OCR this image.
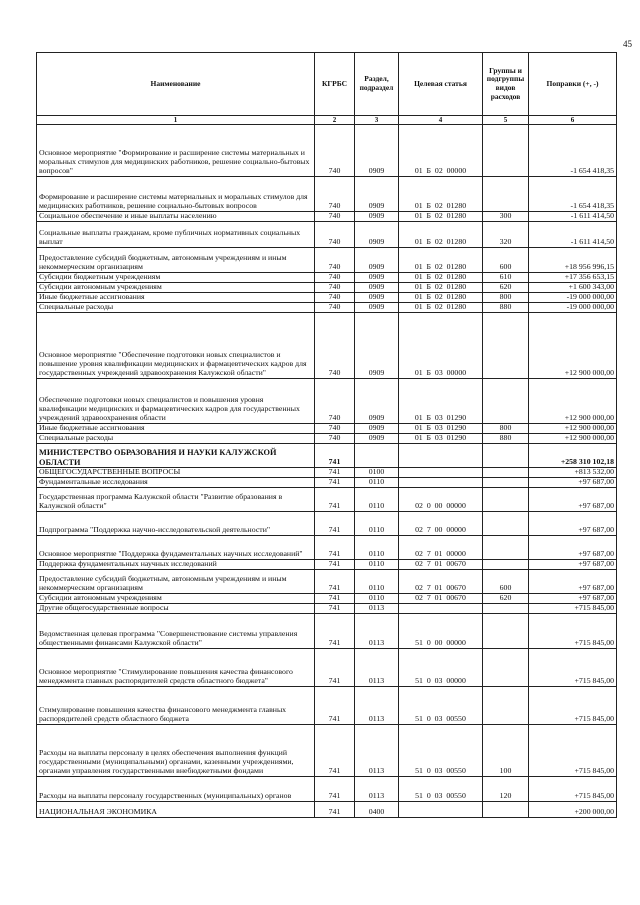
45
Наименование	КГРБС	Раздел, подраздел	Целевая статья	Группы и подгруппы видов расходов	Поправки (+, -)
1	2	3	4	5	6
Основное мероприятие "Формирование и расширение системы материальных и моральных стимулов для медицинских работников, решение социально-бытовых вопросов"	740	0909	01  Б  02  00000		-1 654 418,35
Формирование и расширение системы материальных и моральных стимулов для медицинских работников, решение социально-бытовых вопросов	740	0909	01  Б  02  01280		-1 654 418,35
Социальное обеспечение и иные выплаты населению	740	0909	01  Б  02  01280	300	-1 611 414,50
Социальные выплаты гражданам, кроме публичных нормативных социальных выплат	740	0909	01  Б  02  01280	320	-1 611 414,50
Предоставление субсидий бюджетным, автономным учреждениям и иным некоммерческим организациям	740	0909	01  Б  02  01280	600	+18 956 996,15
Субсидии бюджетным учреждениям	740	0909	01  Б  02  01280	610	+17 356 653,15
Субсидии автономным учреждениям	740	0909	01  Б  02  01280	620	+1 600 343,00
Иные бюджетные ассигнования	740	0909	01  Б  02  01280	800	-19 000 000,00
Специальные расходы	740	0909	01  Б  02  01280	880	-19 000 000,00
Основное мероприятие "Обеспечение подготовки новых специалистов и повышение уровня квалификации медицинских и фармацевтических кадров для государственных учреждений здравоохранения Калужской области"	740	0909	01  Б  03  00000		+12 900 000,00
Обеспечение подготовки новых специалистов и повышения уровня квалификации медицинских и фармацевтических кадров для государственных учреждений здравоохранения области	740	0909	01  Б  03  01290		+12 900 000,00
Иные бюджетные ассигнования	740	0909	01  Б  03  01290	800	+12 900 000,00
Специальные расходы	740	0909	01  Б  03  01290	880	+12 900 000,00
МИНИСТЕРСТВО ОБРАЗОВАНИЯ И НАУКИ КАЛУЖСКОЙ ОБЛАСТИ	741				+258 310 102,18
ОБЩЕГОСУДАРСТВЕННЫЕ ВОПРОСЫ	741	0100			+813 532,00
Фундаментальные исследования	741	0110			+97 687,00
Государственная программа Калужской области "Развитие образования в Калужской области"	741	0110	02  0  00  00000		+97 687,00
Подпрограмма "Поддержка научно-исследовательской деятельности"	741	0110	02  7  00  00000		+97 687,00
Основное мероприятие "Поддержка фундаментальных научных исследований"	741	0110	02  7  01  00000		+97 687,00
Поддержка фундаментальных научных исследований	741	0110	02  7  01  00670		+97 687,00
Предоставление субсидий бюджетным, автономным учреждениям и иным некоммерческим организациям	741	0110	02  7  01  00670	600	+97 687,00
Субсидии автономным учреждениям	741	0110	02  7  01  00670	620	+97 687,00
Другие общегосударственные вопросы	741	0113			+715 845,00
Ведомственная целевая программа "Совершенствование системы управления общественными финансами Калужской области"	741	0113	51  0  00  00000		+715 845,00
Основное мероприятие "Стимулирование повышения качества финансового менеджмента главных распорядителей средств областного бюджета"	741	0113	51  0  03  00000		+715 845,00
Стимулирование повышения качества финансового менеджмента главных распорядителей средств областного бюджета	741	0113	51  0  03  00550		+715 845,00
Расходы на выплаты персоналу в целях обеспечения выполнения функций государственными (муниципальными) органами, казенными учреждениями, органами управления государственными внебюджетными фондами	741	0113	51  0  03  00550	100	+715 845,00
Расходы на выплаты персоналу государственных (муниципальных) органов	741	0113	51  0  03  00550	120	+715 845,00
НАЦИОНАЛЬНАЯ ЭКОНОМИКА	741	0400			+200 000,00
